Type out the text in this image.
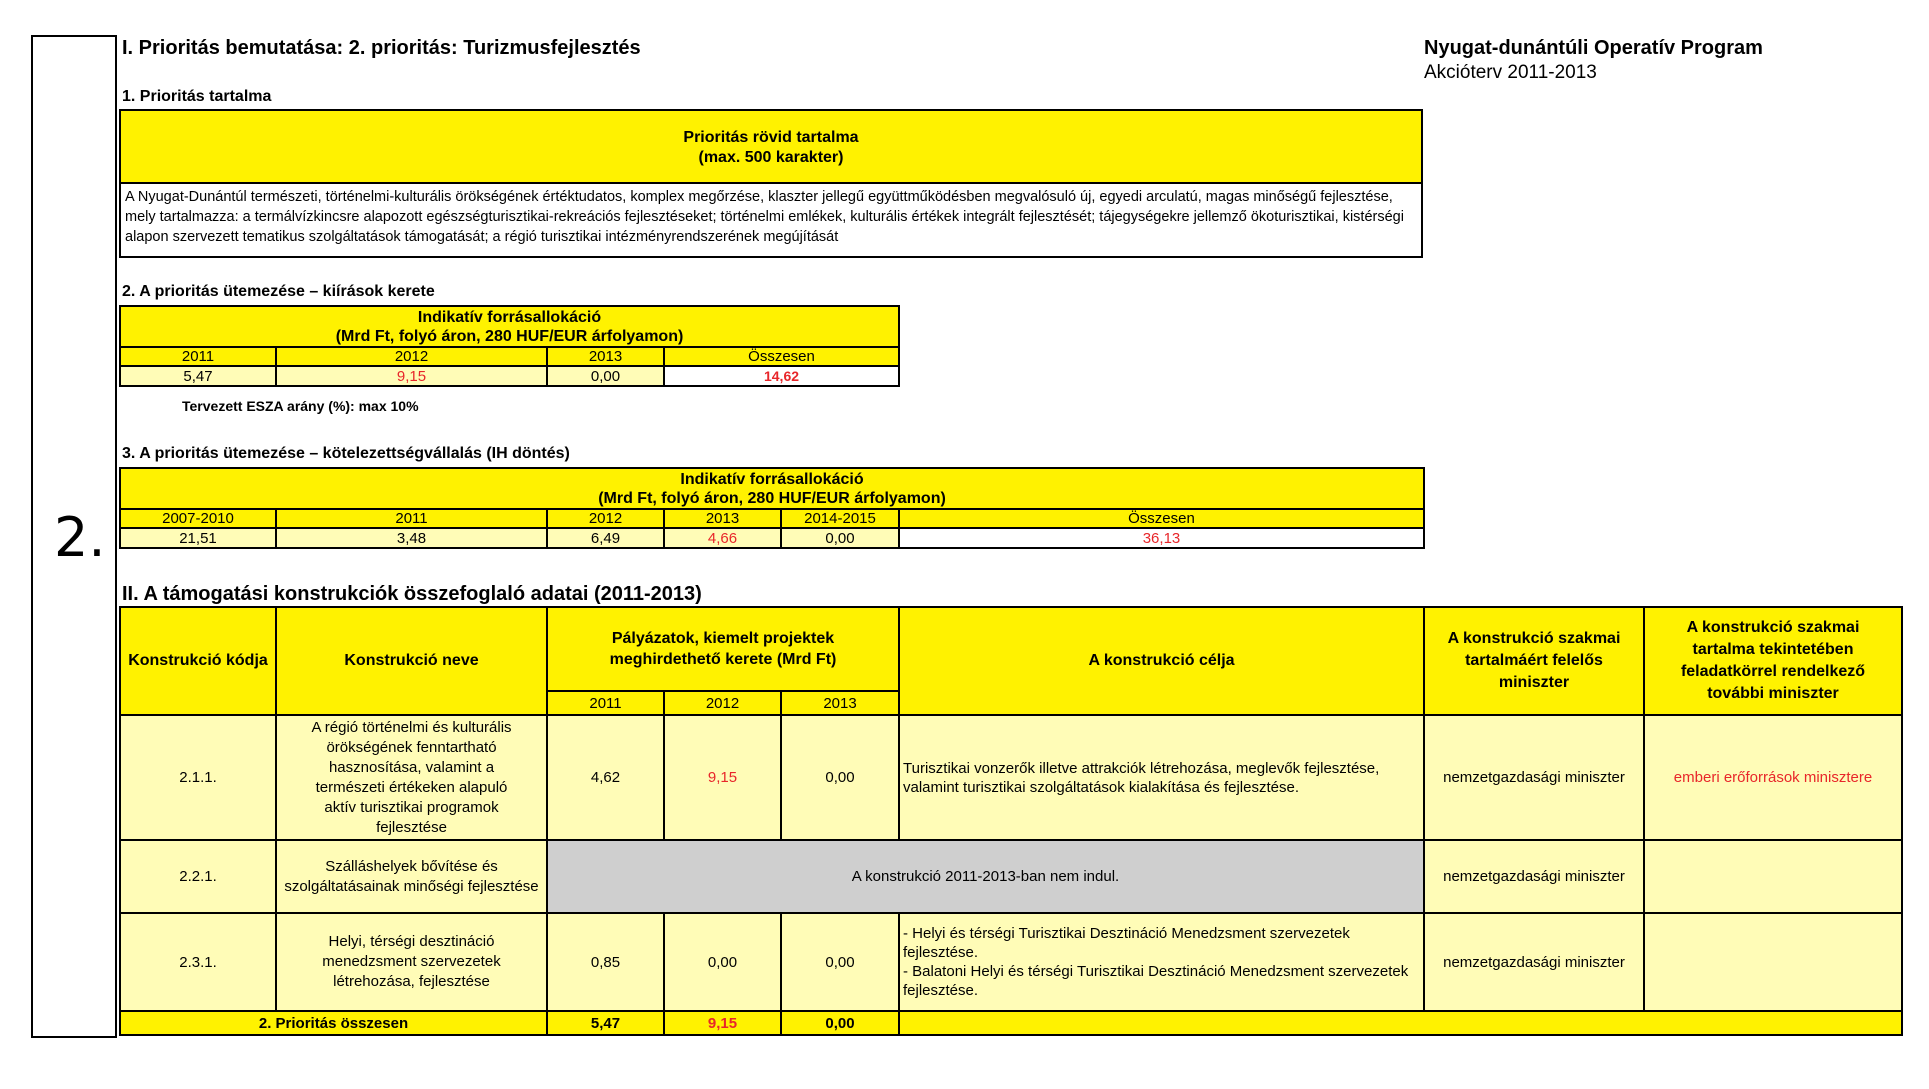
2.
I. Prioritás bemutatása: 2. prioritás: Turizmusfejlesztés	Nyugat-dunántúli Operatív Program
Akcióterv 2011-2013
1. Prioritás tartalma
Prioritás rövid tartalma
(max. 500 karakter)
A Nyugat-Dunántúl természeti, történelmi-kulturális örökségének értéktudatos, komplex megőrzése, klaszter jellegű együttműködésben megvalósuló új, egyedi arculatú, magas minőségű fejlesztése, mely tartalmazza: a termálvízkincsre alapozott egészségturisztikai-rekreációs fejlesztéseket; történelmi emlékek, kulturális értékek integrált fejlesztését; tájegységekre jellemző ökoturisztikai, kistérségi alapon szervezett tematikus szolgáltatások támogatását; a régió turisztikai intézményrendszerének megújítását
2. A prioritás ütemezése – kiírások kerete
Indikatív forrásallokáció
(Mrd Ft, folyó áron, 280 HUF/EUR árfolyamon)			

2011	2012	2013	Összesen
5,47	9,15	0,00	14,62
Tervezett ESZA arány (%): max 10%
3. A prioritás ütemezése – kötelezettségvállalás (IH döntés)
Indikatív forrásallokáció
(Mrd Ft, folyó áron, 280 HUF/EUR árfolyamon)					

2007-2010	2011	2012	2013	2014-2015	Összesen
21,51	3,48	6,49	4,66	0,00	36,13
II. A támogatási konstrukciók összefoglaló adatai (2011-2013)
Konstrukció kódja	Konstrukció neve	Pályázatok, kiemelt projektek meghirdethető kerete (Mrd Ft)			A konstrukció célja	A konstrukció szakmai tartalmáért felelős miniszter	A konstrukció szakmai tartalma tekintetében feladatkörrel rendelkező további miniszter
		2011	2012	2013			
2.1.1.	A régió történelmi és kulturális örökségének fenntartható hasznosítása, valamint a természeti értékeken alapuló aktív turisztikai programok fejlesztése	4,62	9,15	0,00	Turisztikai vonzerők illetve attrakciók létrehozása, meglevők fejlesztése, valamint turisztikai szolgáltatások kialakítása és fejlesztése.	nemzetgazdasági miniszter	emberi erőforrások minisztere
2.2.1.	Szálláshelyek bővítése és szolgáltatásainak minőségi fejlesztése	A konstrukció 2011-2013-ban nem indul.				nemzetgazdasági miniszter	
2.3.1.	Helyi, térségi desztináció menedzsment szervezetek létrehozása, fejlesztése	0,85	0,00	0,00	- Helyi és térségi Turisztikai Desztináció Menedzsment szervezetek fejlesztése.
- Balatoni Helyi és térségi Turisztikai Desztináció Menedzsment szervezetek fejlesztése.	nemzetgazdasági miniszter	
2. Prioritás összesen		5,47	9,15	0,00			
